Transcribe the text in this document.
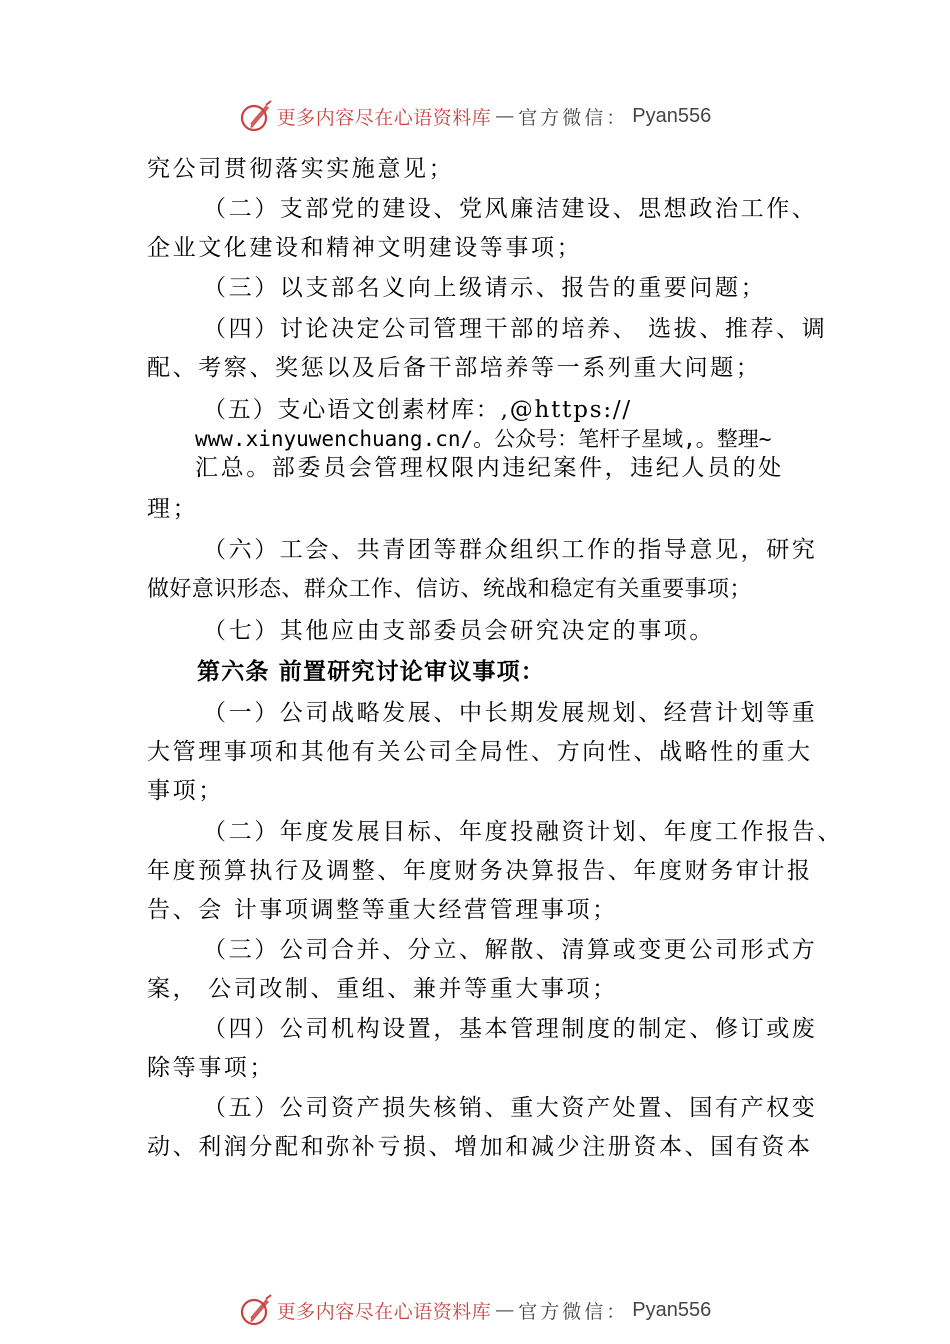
更多内容尽在心语资料库 — 官方微信： Pyan556
究公司贯彻落实实施意见；
（二）支部党的建设、党风廉洁建设、思想政治工作、
企业文化建设和精神文明建设等事项；
（三）以支部名义向上级请示、报告的重要问题；
（四）讨论决定公司管理干部的培养、 选拔、推荐、调
配、考察、奖惩以及后备干部培养等一系列重大问题；
（五）支心语文创素材库：,@https://
www.xinyuwenchuang.cn/。公众号：笔杆子星域,。整理~
汇总。部委员会管理权限内违纪案件，违纪人员的处
理；
（六）工会、共青团等群众组织工作的指导意见，研究
做好意识形态、群众工作、信访、统战和稳定有关重要事项；
（七）其他应由支部委员会研究决定的事项。
第六条 前置研究讨论审议事项：
（一）公司战略发展、中长期发展规划、经营计划等重
大管理事项和其他有关公司全局性、方向性、战略性的重大
事项；
（二）年度发展目标、年度投融资计划、年度工作报告、
年度预算执行及调整、年度财务决算报告、年度财务审计报
告、会 计事项调整等重大经营管理事项；
（三）公司合并、分立、解散、清算或变更公司形式方
案， 公司改制、重组、兼并等重大事项；
（四）公司机构设置，基本管理制度的制定、修订或废
除等事项；
（五）公司资产损失核销、重大资产处置、国有产权变
动、利润分配和弥补亏损、增加和减少注册资本、国有资本
更多内容尽在心语资料库 — 官方微信： Pyan556
